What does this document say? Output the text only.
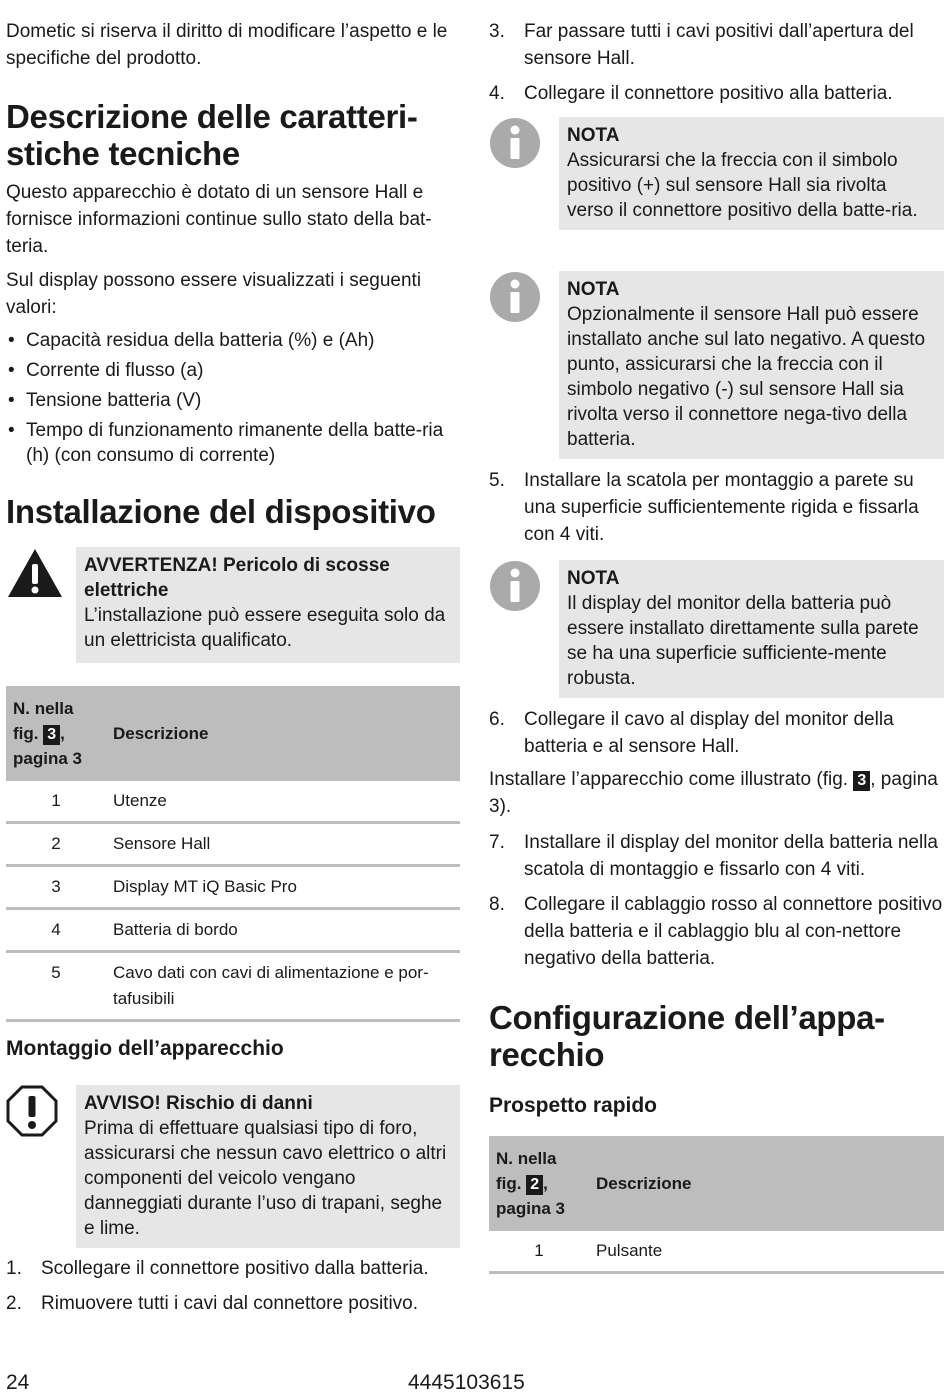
Dometic si riserva il diritto di modificare l’aspetto e le specifiche del prodotto.

Descrizione delle caratteri-stiche tecniche

Questo apparecchio è dotato di un sensore Hall e fornisce informazioni continue sullo stato della bat-teria.

Sul display possono essere visualizzati i seguenti valori:

• Capacità residua della batteria (%) e (Ah)
• Corrente di flusso (a)
• Tensione batteria (V)
• Tempo di funzionamento rimanente della batte-ria (h) (con consumo di corrente)
Installazione del dispositivo
AVVERTENZA! Pericolo di scosse elettriche
L’installazione può essere eseguita solo da un elettricista qualificato.
N. nella
fig. 3 ,
pagina 3	Descrizione
1	Utenze
2	Sensore Hall
3	Display MT iQ Basic Pro
4	Batteria di bordo
5	Cavo dati con cavi di alimentazione e por-tafusibili
Montaggio dell’apparecchio
AVVISO! Rischio di danni
Prima di effettuare qualsiasi tipo di foro, assicurarsi che nessun cavo elettrico o altri componenti del veicolo vengano danneggiati durante l’uso di trapani, seghe e lime.
1.	Scollegare il connettore positivo dalla batteria.
2.	Rimuovere tutti i cavi dal connettore positivo.
24
3.	Far passare tutti i cavi positivi dall’apertura del sensore Hall.
4.	Collegare il connettore positivo alla batteria.
NOTA
Assicurarsi che la freccia con il simbolo positivo (+) sul sensore Hall sia rivolta verso il connettore positivo della batte-ria.
NOTA
Opzionalmente il sensore Hall può essere installato anche sul lato negativo. A questo punto, assicurarsi che la freccia con il simbolo negativo (-) sul sensore Hall sia rivolta verso il connettore nega-tivo della batteria.
5.	Installare la scatola per montaggio a parete su una superficie sufficientemente rigida e fissarla con 4 viti.
NOTA
Il display del monitor della batteria può essere installato direttamente sulla parete se ha una superficie sufficiente-mente robusta.
6.	Collegare il cavo al display del monitor della batteria e al sensore Hall.

Installare l’apparecchio come illustrato (fig. 3 , pagina 3).

7.	Installare il display del monitor della batteria nella scatola di montaggio e fissarlo con 4 viti.
8.	Collegare il cablaggio rosso al connettore positivo della batteria e il cablaggio blu al con-nettore negativo della batteria.
Configurazione dell’appa-recchio
Prospetto rapido
N. nella
fig. 2 ,
pagina 3	Descrizione
1	Pulsante
4445103615
